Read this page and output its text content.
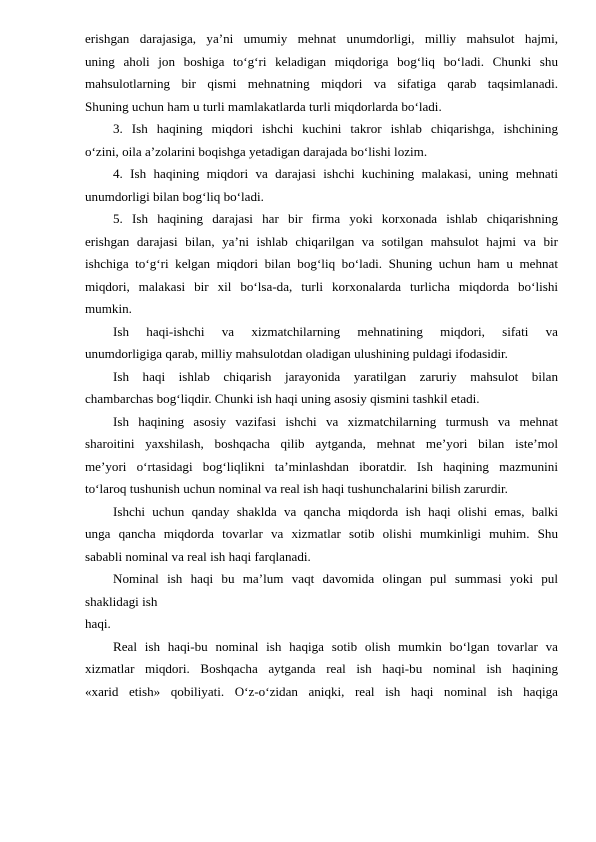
erishgan darajasiga, ya’ni umumiy mehnat unumdorligi, milliy mahsulot hajmi,
uning aholi jon boshiga to‘g‘ri keladigan miqdoriga bog‘liq bo‘ladi. Chunki shu
mahsulotlarning bir qismi mehnatning miqdori va sifatiga qarab taqsimlanadi.
Shuning uchun ham u turli mamlakatlarda turli miqdorlarda bo‘ladi.
3. Ish haqining miqdori ishchi kuchini takror ishlab chiqarishga, ishchining
o‘zini, oila a’zolarini boqishga yetadigan darajada bo‘lishi lozim.
4. Ish haqining miqdori va darajasi ishchi kuchining malakasi, uning mehnati
unumdorligi bilan bog‘liq bo‘ladi.
5. Ish haqining darajasi har bir firma yoki korxonada ishlab chiqarishning
erishgan darajasi bilan, ya’ni ishlab chiqarilgan va sotilgan mahsulot hajmi va bir
ishchiga to‘g‘ri kelgan miqdori bilan bog‘liq bo‘ladi. Shuning uchun ham u mehnat
miqdori, malakasi bir xil bo‘lsa-da, turli korxonalarda turlicha miqdorda bo‘lishi
mumkin.
Ish haqi-ishchi va xizmatchilarning mehnatining miqdori, sifati va
unumdorligiga qarab, milliy mahsulotdan oladigan ulushining puldagi ifodasidir.
Ish haqi ishlab chiqarish jarayonida yaratilgan zaruriy mahsulot bilan
chambarchas bog‘liqdir. Chunki ish haqi uning asosiy qismini tashkil etadi.
Ish haqining asosiy vazifasi ishchi va xizmatchilarning turmush va mehnat
sharoitini yaxshilash, boshqacha qilib aytganda, mehnat me’yori bilan iste’mol
me’yori o‘rtasidagi bog‘liqlikni ta’minlashdan iboratdir. Ish haqining mazmunini
to‘laroq tushunish uchun nominal va real ish haqi tushunchalarini bilish zarurdir.
Ishchi uchun qanday shaklda va qancha miqdorda ish haqi olishi emas, balki
unga qancha miqdorda tovarlar va xizmatlar sotib olishi mumkinligi muhim. Shu
sababli nominal va real ish haqi farqlanadi.
Nominal ish haqi bu ma’lum vaqt davomida olingan pul summasi yoki pul
shaklidagi ish
haqi.
Real ish haqi-bu nominal ish haqiga sotib olish mumkin bo‘lgan tovarlar va
xizmatlar miqdori. Boshqacha aytganda real ish haqi-bu nominal ish haqining
«xarid etish» qobiliyati. O‘z-o‘zidan aniqki, real ish haqi nominal ish haqiga
